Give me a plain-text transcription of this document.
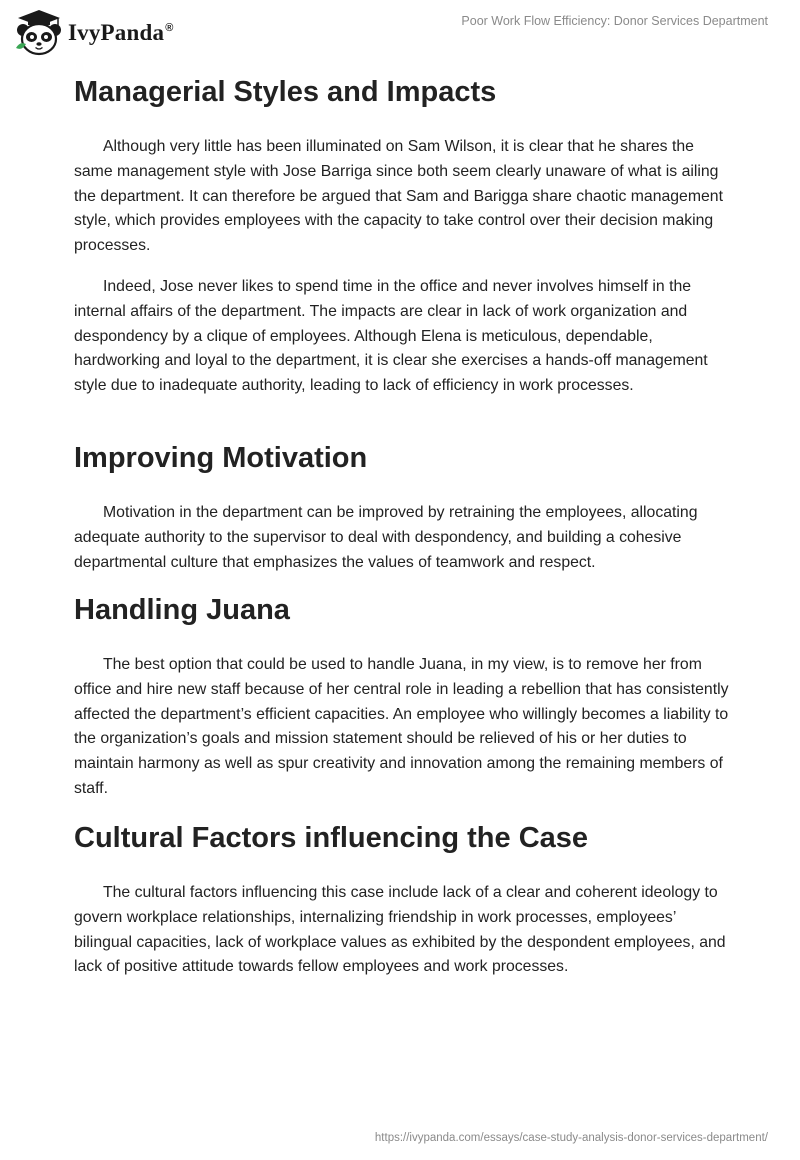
IvyPanda®
Poor Work Flow Efficiency: Donor Services Department
Managerial Styles and Impacts

Although very little has been illuminated on Sam Wilson, it is clear that he shares the same management style with Jose Barriga since both seem clearly unaware of what is ailing the department. It can therefore be argued that Sam and Barigga share chaotic management style, which provides employees with the capacity to take control over their decision making processes.

Indeed, Jose never likes to spend time in the office and never involves himself in the internal affairs of the department. The impacts are clear in lack of work organization and despondency by a clique of employees. Although Elena is meticulous, dependable, hardworking and loyal to the department, it is clear she exercises a hands-off management style due to inadequate authority, leading to lack of efficiency in work processes.

Improving Motivation

Motivation in the department can be improved by retraining the employees, allocating adequate authority to the supervisor to deal with despondency, and building a cohesive departmental culture that emphasizes the values of teamwork and respect.

Handling Juana

The best option that could be used to handle Juana, in my view, is to remove her from office and hire new staff because of her central role in leading a rebellion that has consistently affected the department’s efficient capacities. An employee who willingly becomes a liability to the organization’s goals and mission statement should be relieved of his or her duties to maintain harmony as well as spur creativity and innovation among the remaining members of staff.

Cultural Factors influencing the Case

The cultural factors influencing this case include lack of a clear and coherent ideology to govern workplace relationships, internalizing friendship in work processes, employees’ bilingual capacities, lack of workplace values as exhibited by the despondent employees, and lack of positive attitude towards fellow employees and work processes.

https://ivypanda.com/essays/case-study-analysis-donor-services-department/
